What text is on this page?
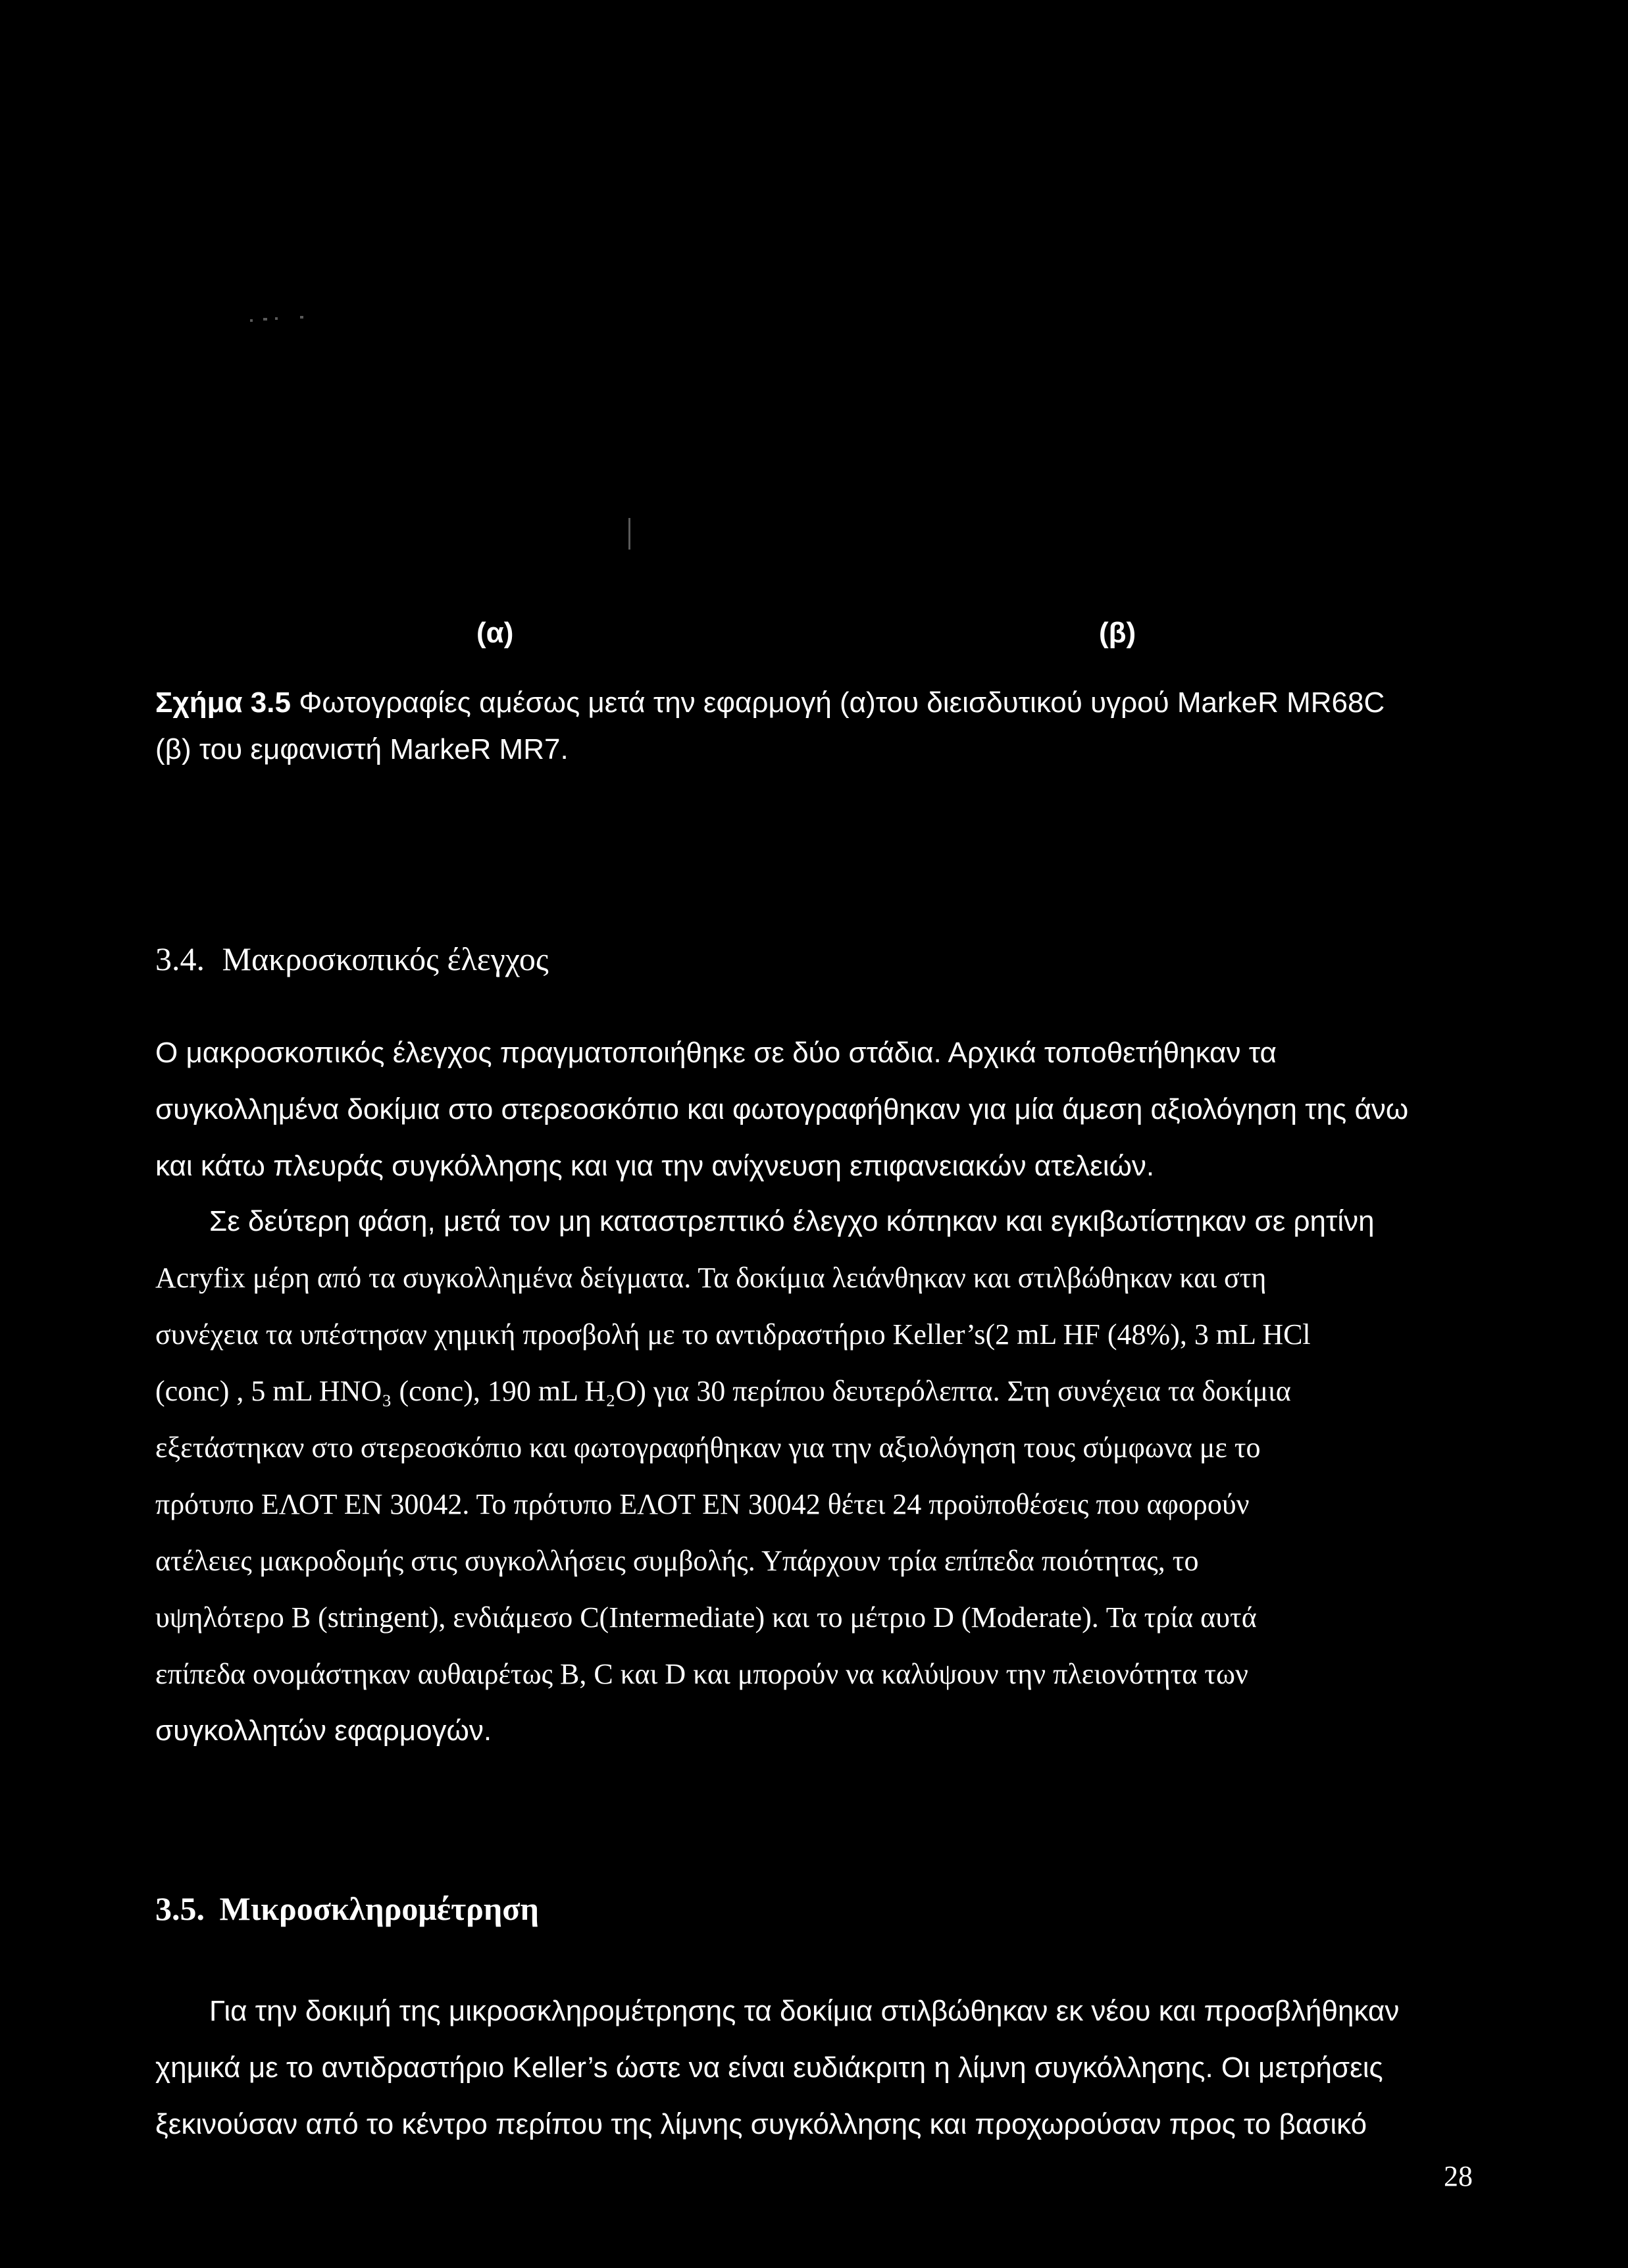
(α)	(β)
Σχήμα 3.5 Φωτογραφίες αμέσως μετά την εφαρμογή (α)του διεισδυτικού υγρού MarkeR MR68C
(β) του εμφανιστή MarkeR MR7.
3.4. Μακροσκοπικός έλεγχος
Ο μακροσκοπικός έλεγχος πραγματοποιήθηκε σε δύο στάδια. Αρχικά τοποθετήθηκαν τα
συγκολλημένα δοκίμια στο στερεοσκόπιο και φωτογραφήθηκαν για μία άμεση αξιολόγηση της άνω
και κάτω πλευράς συγκόλλησης και για την ανίχνευση επιφανειακών ατελειών.
Σε δεύτερη φάση, μετά τον μη καταστρεπτικό έλεγχο κόπηκαν και εγκιβωτίστηκαν σε ρητίνη
Acryfix μέρη από τα συγκολλημένα δείγματα. Τα δοκίμια λειάνθηκαν και στιλβώθηκαν και στη
συνέχεια τα υπέστησαν χημική προσβολή με το αντιδραστήριο Keller’s(2 mL HF (48%), 3 mL HCl
(conc) , 5 mL HNO₃ (conc), 190 mL H₂O) για 30 περίπου δευτερόλεπτα. Στη συνέχεια τα δοκίμια
εξετάστηκαν στο στερεοσκόπιο και φωτογραφήθηκαν για την αξιολόγηση τους σύμφωνα με το
πρότυπο ΕΛΟΤ ΕΝ 30042. Το πρότυπο ΕΛΟΤ ΕΝ 30042 θέτει 24 προϋποθέσεις που αφορούν
ατέλειες μακροδομής στις συγκολλήσεις συμβολής. Υπάρχουν τρία επίπεδα ποιότητας, το
υψηλότερο B (stringent), ενδιάμεσο C(Intermediate) και το μέτριο D (Moderate). Τα τρία αυτά
επίπεδα ονομάστηκαν αυθαιρέτως B, C και D και μπορούν να καλύψουν την πλειονότητα των
συγκολλητών εφαρμογών.
3.5. Μικροσκληρομέτρηση
Για την δοκιμή της μικροσκληρομέτρησης τα δοκίμια στιλβώθηκαν εκ νέου και προσβλήθηκαν
χημικά με το αντιδραστήριο Keller’s ώστε να είναι ευδιάκριτη η λίμνη συγκόλλησης. Οι μετρήσεις
ξεκινούσαν από το κέντρο περίπου της λίμνης συγκόλλησης και προχωρούσαν προς το βασικό
28
